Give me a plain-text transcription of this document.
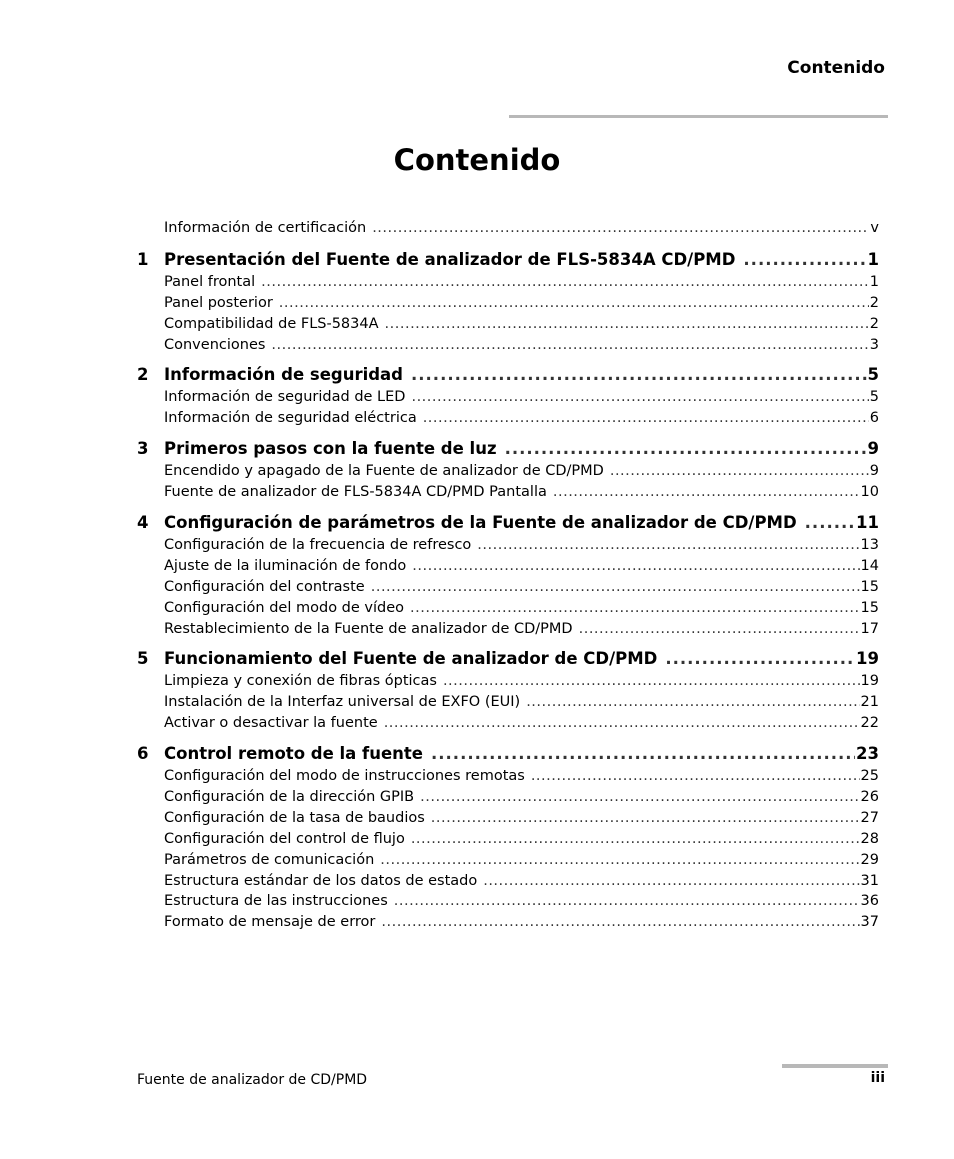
Contenido
Contenido
Información de certificación .....	v
1 Presentación del Fuente de analizador de FLS-5834A CD/PMD .....	1
Panel frontal .....	1
Panel posterior .....	2
Compatibilidad de FLS-5834A .....	2
Convenciones .....	3
2 Información de seguridad .....	5
Información de seguridad de LED .....	5
Información de seguridad eléctrica .....	6
3 Primeros pasos con la fuente de luz .....	9
Encendido y apagado de la Fuente de analizador de CD/PMD .....	9
Fuente de analizador de FLS-5834A CD/PMD Pantalla .....	10
4 Configuración de parámetros de la Fuente de analizador de CD/PMD .....	11
Configuración de la frecuencia de refresco .....	13
Ajuste de la iluminación de fondo .....	14
Configuración del contraste .....	15
Configuración del modo de vídeo .....	15
Restablecimiento de la Fuente de analizador de CD/PMD .....	17
5 Funcionamiento del Fuente de analizador de CD/PMD .....	19
Limpieza y conexión de fibras ópticas .....	19
Instalación de la Interfaz universal de EXFO (EUI) .....	21
Activar o desactivar la fuente .....	22
6 Control remoto de la fuente .....	23
Configuración del modo de instrucciones remotas .....	25
Configuración de la dirección GPIB .....	26
Configuración de la tasa de baudios .....	27
Configuración del control de flujo .....	28
Parámetros de comunicación .....	29
Estructura estándar de los datos de estado .....	31
Estructura de las instrucciones .....	36
Formato de mensaje de error .....	37
Fuente de analizador de CD/PMD	iii
